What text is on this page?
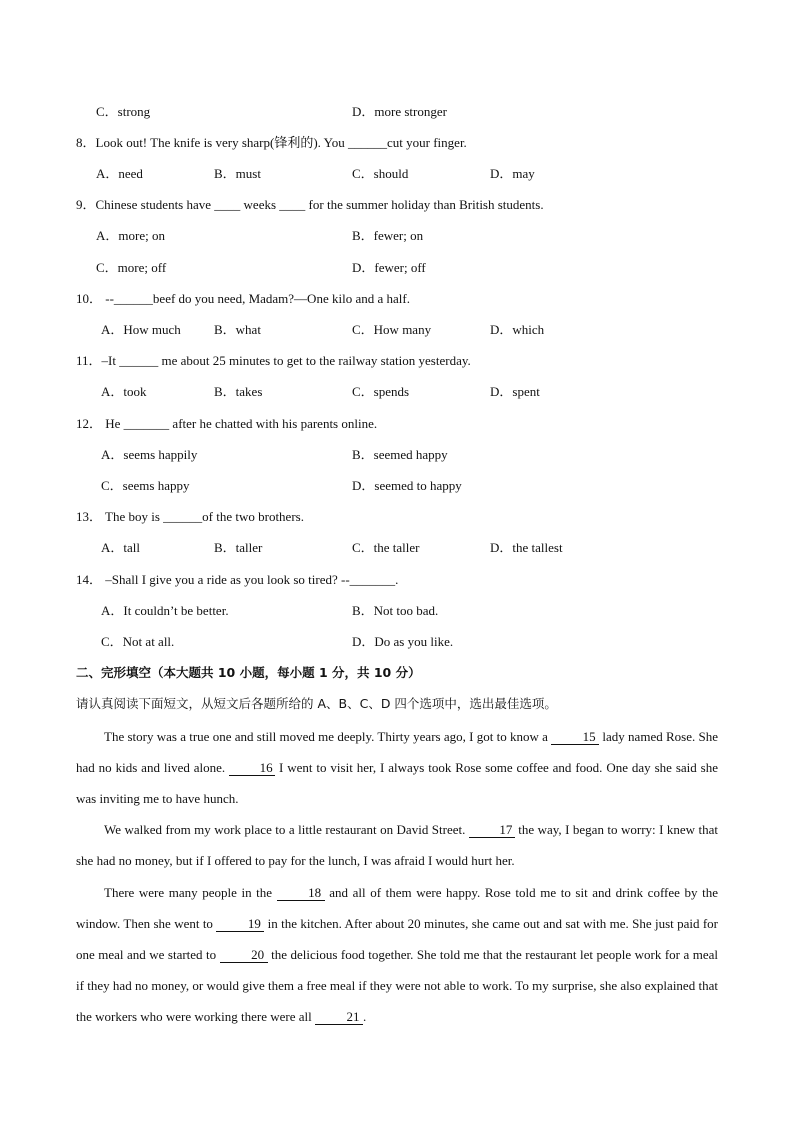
C．strong	D．more stronger
8．Look out! The knife is very sharp(锋利的). You ______cut your finger.
A．need	B．must	C．should	D．may
9．Chinese students have ____ weeks ____ for the summer holiday than British students.
A．more; on	B．fewer; on
C．more; off	D．fewer; off
10． --______beef do you need, Madam?—One kilo and a half.
A．How much	B．what	C．How many	D．which
11．–It ______ me about 25 minutes to get to the railway station yesterday.
A．took	B．takes	C．spends	D．spent
12． He _______ after he chatted with his parents online.
A．seems happily	B．seemed happy
C．seems happy	D．seemed to happy
13． The boy is ______of the two brothers.
A．tall	B．taller	C．the taller	D．the tallest
14． –Shall I give you a ride as you look so tired? --_______.
A．It couldn’t be better.	B．Not too bad.
C．Not at all.	D．Do as you like.
二、完形填空（本大题共 10 小题，每小题 1 分，共 10 分）
请认真阅读下面短文，从短文后各题所给的 A、B、C、D 四个选项中，选出最佳选项。
The story was a true one and still moved me deeply. Thirty years ago, I got to know a 15 lady named Rose. She had no kids and lived alone. 16 I went to visit her, I always took Rose some coffee and food. One day she said she was inviting me to have hunch.
We walked from my work place to a little restaurant on David Street. 17 the way, I began to worry: I knew that she had no money, but if I offered to pay for the lunch, I was afraid I would hurt her.
There were many people in the 18 and all of them were happy. Rose told me to sit and drink coffee by the window. Then she went to 19 in the kitchen. After about 20 minutes, she came out and sat with me. She just paid for one meal and we started to 20 the delicious food together. She told me that the restaurant let people work for a meal if they had no money, or would give them a free meal if they were not able to work. To my surprise, she also explained that the workers who were working there were all 21 .
